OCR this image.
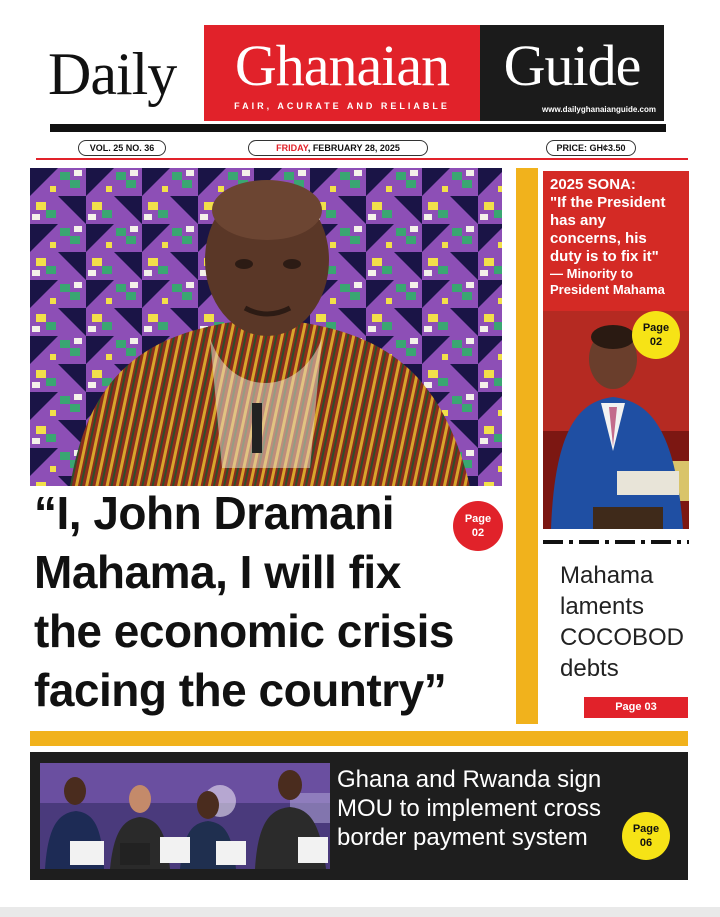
Daily	Ghanaian
FAIR, ACURATE AND RELIABLE
Guide
www.dailyghanaianguide.com
VOL. 25 NO. 36	FRIDAY, FEBRUARY 28, 2025	PRICE: GH¢3.50
“I, John Dramani
Mahama, I will fix
the economic crisis
facing the country”
Page
02
2025 SONA:
"If the President
has any
concerns, his
duty is to fix it"
— Minority to
President Mahama
Page
02
Mahama
laments
COCOBOD
debts
Page 03
Ghana and Rwanda sign
MOU to implement cross
border payment system	Page
06
